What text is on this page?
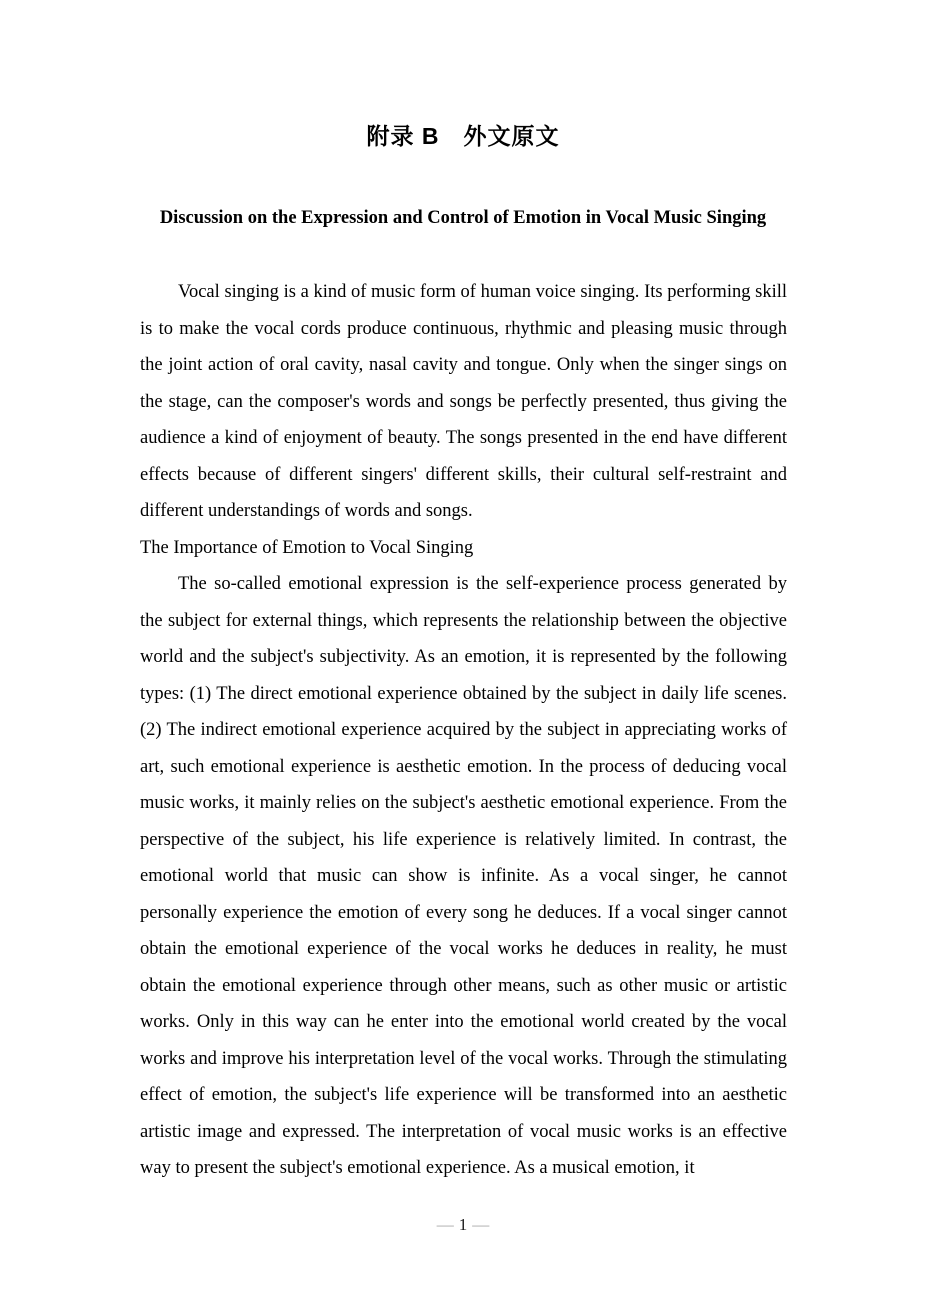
附录 B　外文原文
Discussion on the Expression and Control of Emotion in Vocal Music Singing

Vocal singing is a kind of music form of human voice singing. Its performing skill is to make the vocal cords produce continuous, rhythmic and pleasing music through the joint action of oral cavity, nasal cavity and tongue. Only when the singer sings on the stage, can the composer's words and songs be perfectly presented, thus giving the audience a kind of enjoyment of beauty. The songs presented in the end have different effects because of different singers' different skills, their cultural self-restraint and different understandings of words and songs.

The Importance of Emotion to Vocal Singing

The so-called emotional expression is the self-experience process generated by the subject for external things, which represents the relationship between the objective world and the subject's subjectivity. As an emotion, it is represented by the following types: (1) The direct emotional experience obtained by the subject in daily life scenes. (2) The indirect emotional experience acquired by the subject in appreciating works of art, such emotional experience is aesthetic emotion. In the process of deducing vocal music works, it mainly relies on the subject's aesthetic emotional experience. From the perspective of the subject, his life experience is relatively limited. In contrast, the emotional world that music can show is infinite. As a vocal singer, he cannot personally experience the emotion of every song he deduces. If a vocal singer cannot obtain the emotional experience of the vocal works he deduces in reality, he must obtain the emotional experience through other means, such as other music or artistic works. Only in this way can he enter into the emotional world created by the vocal works and improve his interpretation level of the vocal works. Through the stimulating effect of emotion, the subject's life experience will be transformed into an aesthetic artistic image and expressed. The interpretation of vocal music works is an effective way to present the subject's emotional experience. As a musical emotion, it

— 1 —
